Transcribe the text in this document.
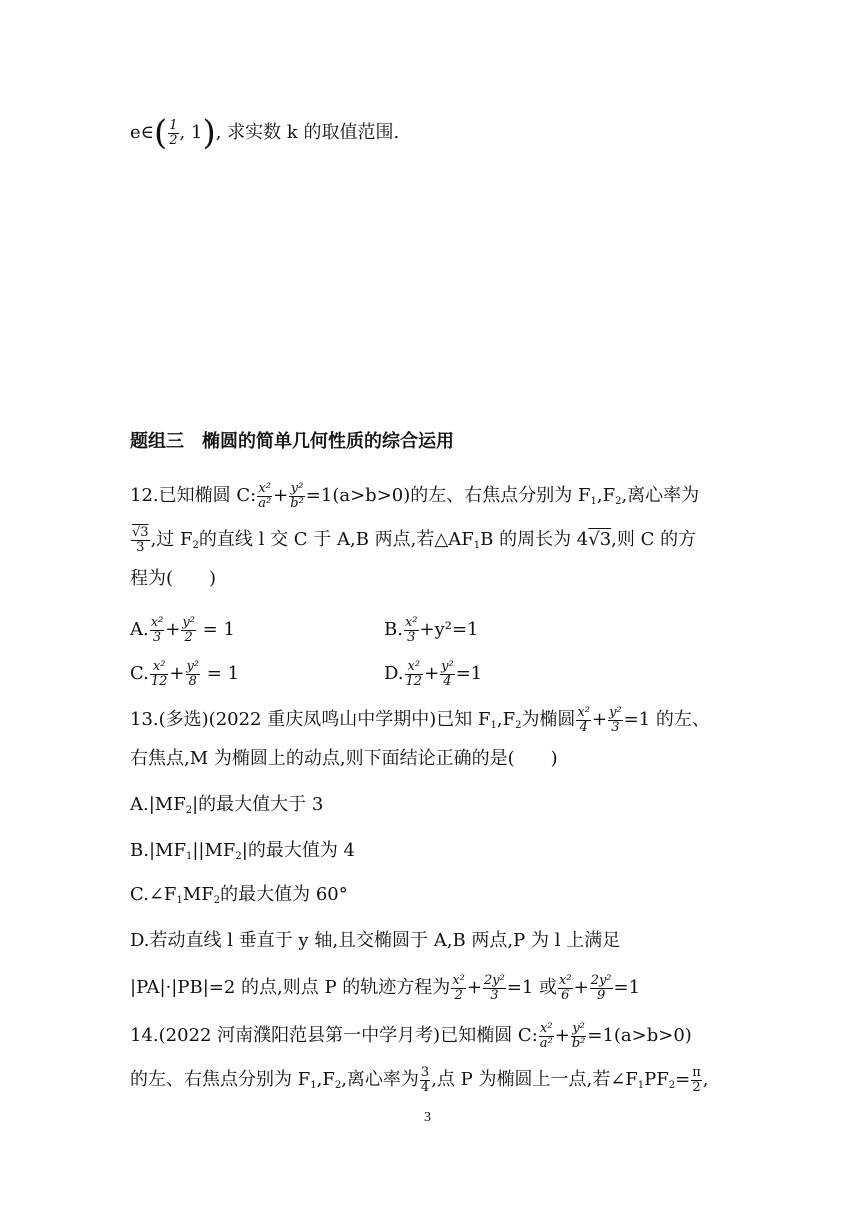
e∈( $\frac{1}{2}$ , 1), 求实数 k 的取值范围.
题组三　椭圆的简单几何性质的综合运用
12.已知椭圆 C: $\frac{\text{x²}}{\text{a²}} + \frac{\text{y²}}{\text{b²}} =1(a>b>0)$的左、右焦点分别为 $F_1,F_2$,离心率为
$\frac{√3}{3}$ ,过 $F_2$的直线 l 交 C 于 A,B 两点,若$\triangle AF_1B$ 的周长为 4√3,则 C 的方
程为(　　)
A. $\frac{\text{x²}}{3} + \frac{\text{y²}}{2} = 1$	B. $\frac{\text{x²}}{3} +y^2=1$
C. $\frac{\text{x²}}{12} + \frac{\text{y²}}{8} = 1$	D. $\frac{\text{x²}}{12} + \frac{\text{y²}}{4} =1$
13.(多选)(2022 重庆凤鸣山中学期中)已知 $F_1,F_2$为椭圆 $\frac{\text{x²}}{4} + \frac{\text{y²}}{3} =1$ 的左、
右焦点,M 为椭圆上的动点,则下面结论正确的是(　　)
$A.|MF_2|$的最大值大于 3
$B.|MF_1||MF_2|$的最大值为 4
$C.\angle F_1MF_2$的最大值为 60°
D.若动直线 l 垂直于 y 轴,且交椭圆于 A,B 两点,P 为 l 上满足
|PA|·|PB|=2 的点,则点 P 的轨迹方程为 $\frac{\text{x²}}{2} + \frac{\text{2y²}}{3} =1$ 或 $\frac{\text{x²}}{6} + \frac{\text{2y²}}{9} =1$
14.(2022 河南濮阳范县第一中学月考)已知椭圆 C: $\frac{\text{x²}}{\text{a²}} + \frac{\text{y²}}{\text{b²}} =1(a>b>0)$
的左、右焦点分别为 $F_1,F_2$,离心率为 $\frac{3}{4}$ ,点 P 为椭圆上一点,若$\angle F_1PF_2= \frac{\pi}{2}$ ,
3
